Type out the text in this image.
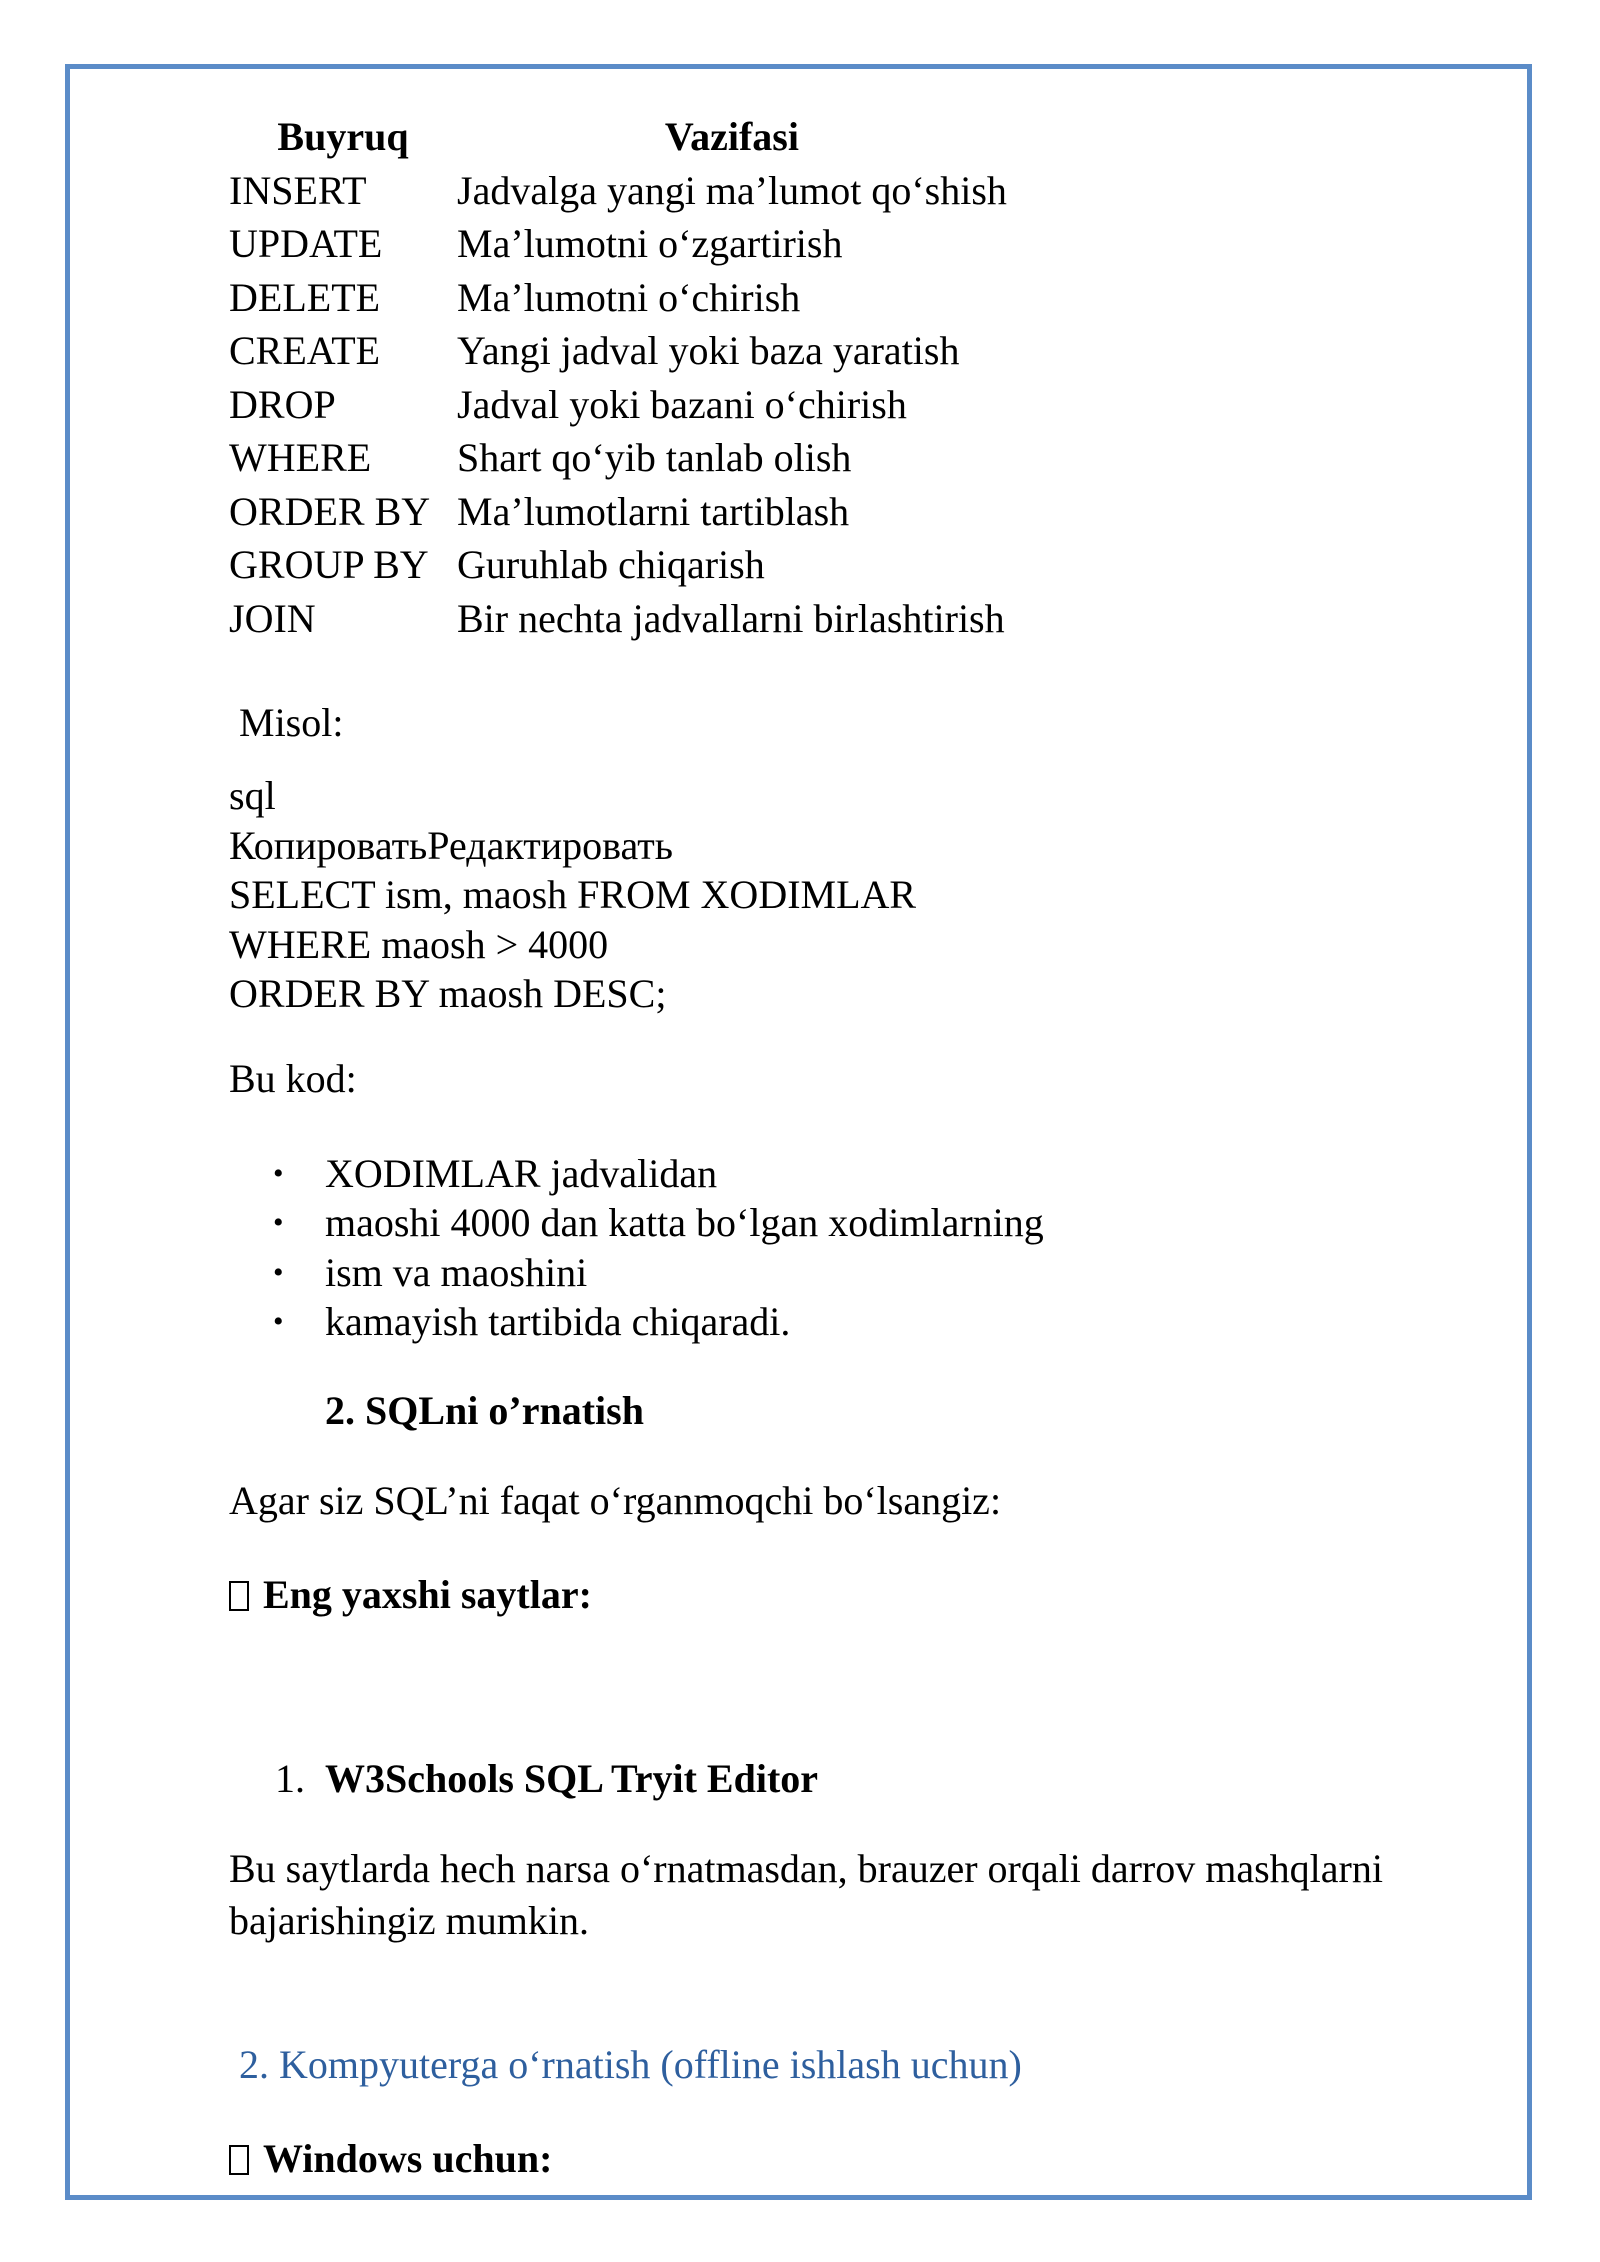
Buyruq	Vazifasi
INSERT	Jadvalga yangi ma’lumot qo‘shish
UPDATE	Ma’lumotni o‘zgartirish
DELETE	Ma’lumotni o‘chirish
CREATE	Yangi jadval yoki baza yaratish
DROP	Jadval yoki bazani o‘chirish
WHERE	Shart qo‘yib tanlab olish
ORDER BY	Ma’lumotlarni tartiblash
GROUP BY	Guruhlab chiqarish
JOIN	Bir nechta jadvallarni birlashtirish
Misol:
sql
КопироватьРедактировать
SELECT ism, maosh FROM XODIMLAR
WHERE maosh > 4000
ORDER BY maosh DESC;
Bu kod:
• XODIMLAR jadvalidan
• maoshi 4000 dan katta bo‘lgan xodimlarning
• ism va maoshini
• kamayish tartibida chiqaradi.
2. SQLni o’rnatish
Agar siz SQL’ni faqat o‘rganmoqchi bo‘lsangiz:
Eng yaxshi saytlar:
1. W3Schools SQL Tryit Editor
Bu saytlarda hech narsa o‘rnatmasdan, brauzer orqali darrov mashqlarni bajarishingiz mumkin.
2. Kompyuterga o‘rnatish (offline ishlash uchun)
Windows uchun:
